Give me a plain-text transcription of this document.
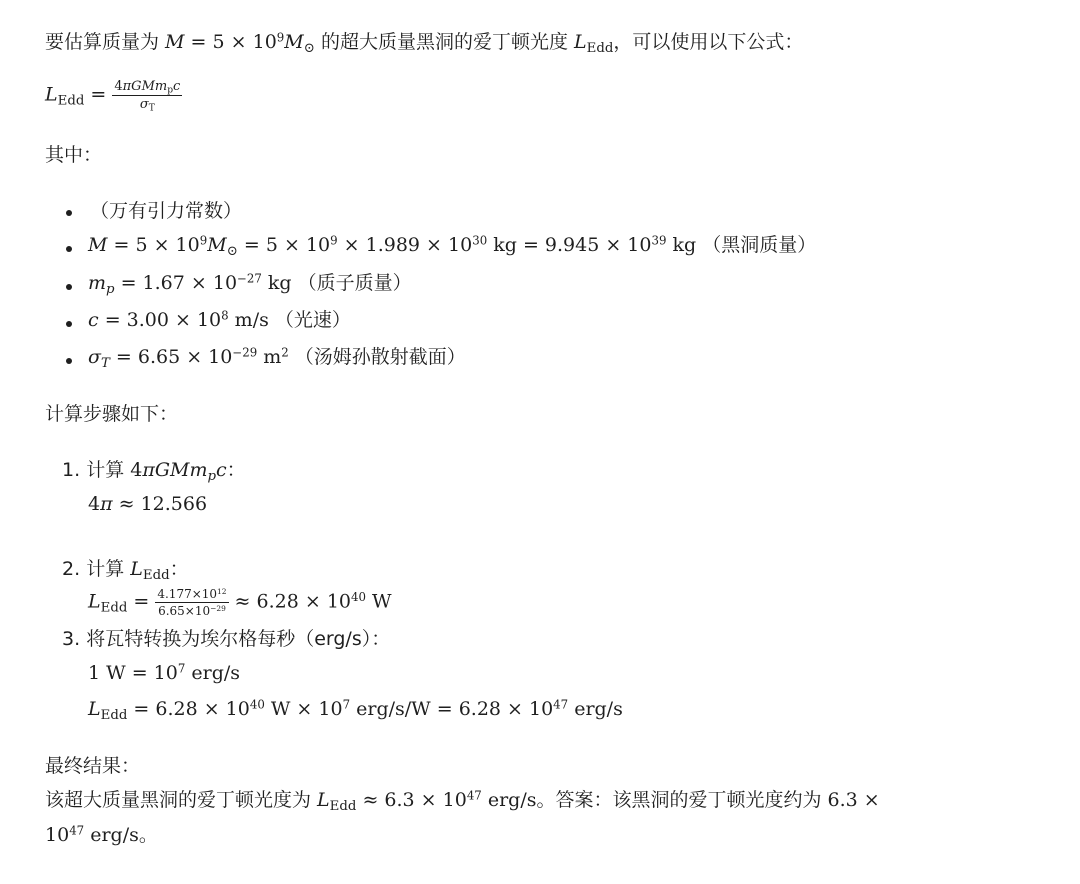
要估算质量为 $M = 5 \times 10^9M_⊙$ 的超大质量黑洞的爱丁顿光度 $L_{Edd}$，可以使用以下公式：
$L_{Edd} = \frac{4\pi GMm_pc}{\sigma_T}$
其中：
（万有引力常数）
$M = 5 \times 10^9M_⊙ = 5 \times 10^9 \times 1.989 \times 10^{30}$ kg = $9.945 \times 10^{39}$ kg （黑洞质量）
$m_p = 1.67 \times 10^{-27}$ kg （质子质量）
$c = 3.00 \times 10^8$ m/s （光速）
$\sigma_T = 6.65 \times 10^{-29}$ $m^2$ （汤姆孙散射截面）
计算步骤如下：
1. 计算 4πGMm$_p$c：
4π ≈ 12.566
2. 计算 $L_{Edd}$：
$L_{Edd} = \frac{4.177\times 10^{12}}{6.65\times 10^{-29}} \approx 6.28 \times 10^{40}$ W
3. 将瓦特转换为埃尔格每秒（erg/s）：
1 $W = 10^7$ erg/s
$L_{Edd} = 6.28 \times 10^{40}$ $W \times 10^7$ $erg/s/W = 6.28 \times 10^{47}$ erg/s
最终结果：
该超大质量黑洞的爱丁顿光度为 $L_{Edd} \approx 6.3 \times 10^{47}$ erg/s。答案：该黑洞的爱丁顿光度约为 6.3 ×
$10^{47}$ erg/s。
